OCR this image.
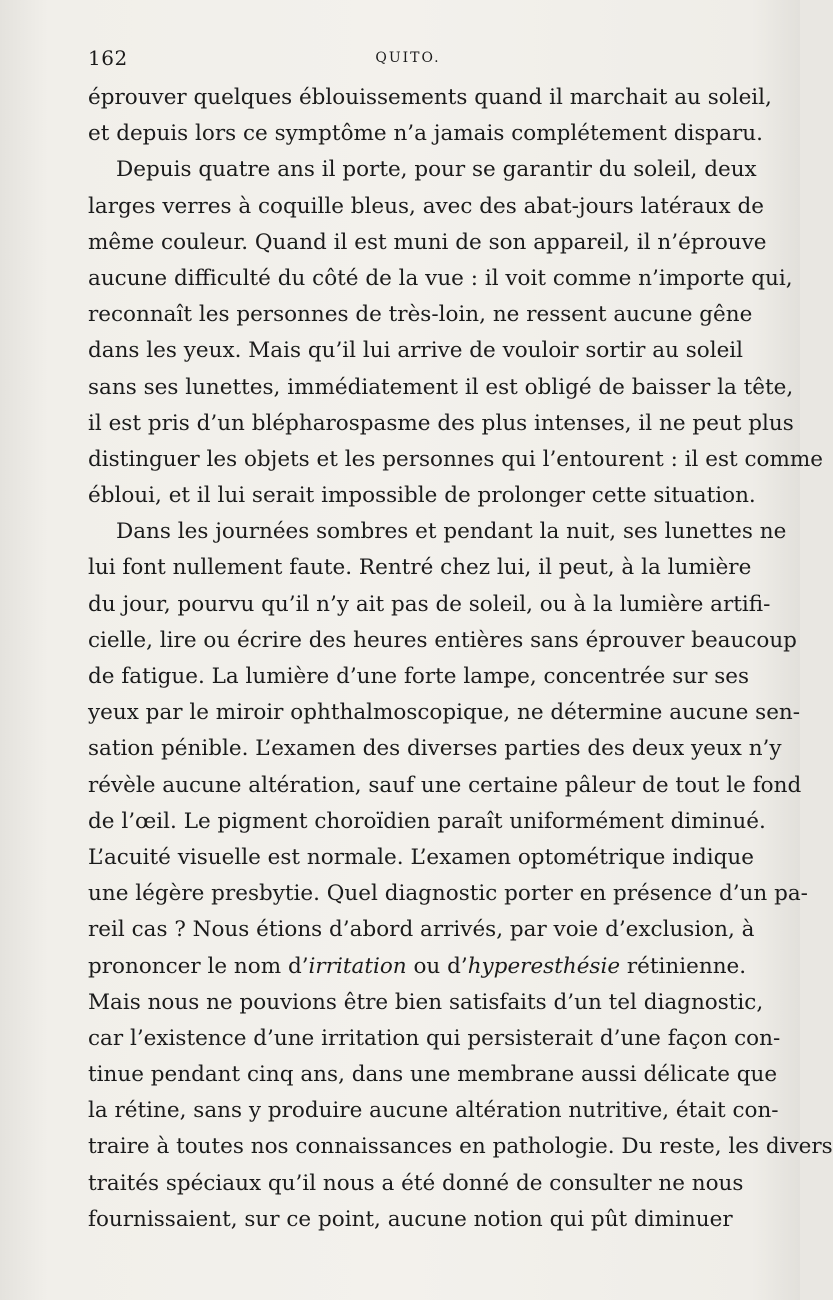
162	QUITO.
éprouver quelques éblouissements quand il marchait au soleil,
et depuis lors ce symptôme n’a jamais complétement disparu.
Depuis quatre ans il porte, pour se garantir du soleil, deux
larges verres à coquille bleus, avec des abat-jours latéraux de
même couleur. Quand il est muni de son appareil, il n’éprouve
aucune difficulté du côté de la vue : il voit comme n’importe qui,
reconnaît les personnes de très-loin, ne ressent aucune gêne
dans les yeux. Mais qu’il lui arrive de vouloir sortir au soleil
sans ses lunettes, immédiatement il est obligé de baisser la tête,
il est pris d’un blépharospasme des plus intenses, il ne peut plus
distinguer les objets et les personnes qui l’entourent : il est comme
ébloui, et il lui serait impossible de prolonger cette situation.
Dans les journées sombres et pendant la nuit, ses lunettes ne
lui font nullement faute. Rentré chez lui, il peut, à la lumière
du jour, pourvu qu’il n’y ait pas de soleil, ou à la lumière artifi-
cielle, lire ou écrire des heures entières sans éprouver beaucoup
de fatigue. La lumière d’une forte lampe, concentrée sur ses
yeux par le miroir ophthalmoscopique, ne détermine aucune sen-
sation pénible. L’examen des diverses parties des deux yeux n’y
révèle aucune altération, sauf une certaine pâleur de tout le fond
de l’œil. Le pigment choroïdien paraît uniformément diminué.
L’acuité visuelle est normale. L’examen optométrique indique
une légère presbytie. Quel diagnostic porter en présence d’un pa-
reil cas ? Nous étions d’abord arrivés, par voie d’exclusion, à
prononcer le nom d’irritation ou d’hyperesthésie rétinienne.
Mais nous ne pouvions être bien satisfaits d’un tel diagnostic,
car l’existence d’une irritation qui persisterait d’une façon con-
tinue pendant cinq ans, dans une membrane aussi délicate que
la rétine, sans y produire aucune altération nutritive, était con-
traire à toutes nos connaissances en pathologie. Du reste, les divers
traités spéciaux qu’il nous a été donné de consulter ne nous
fournissaient, sur ce point, aucune notion qui pût diminuer
